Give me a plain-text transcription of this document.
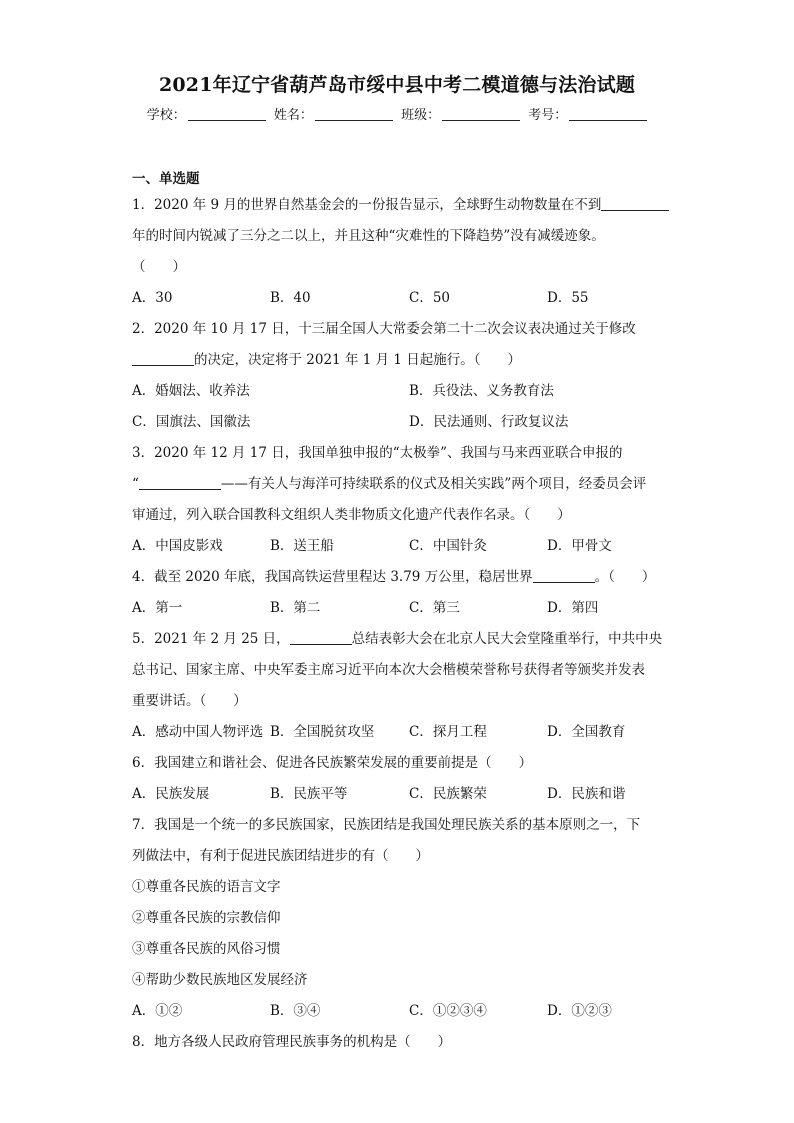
2021年辽宁省葫芦岛市绥中县中考二模道德与法治试题
学校：	姓名：	班级：	考号：
一、单选题
1．2020 年 9 月的世界自然基金会的一份报告显示，全球野生动物数量在不到
年的时间内锐减了三分之二以上，并且这种“灾难性的下降趋势”没有减缓迹象。
（　　）
A．30	B．40	C．50	D．55
2．2020 年 10 月 17 日，十三届全国人大常委会第二十二次会议表决通过关于修改
的决定，决定将于 2021 年 1 月 1 日起施行。（　　）
A．婚姻法、收养法	B．兵役法、义务教育法
C．国旗法、国徽法	D．民法通则、行政复议法
3．2020 年 12 月 17 日，我国单独申报的“太极拳”、我国与马来西亚联合申报的
“	——有关人与海洋可持续联系的仪式及相关实践”两个项目，经委员会评
审通过，列入联合国教科文组织人类非物质文化遗产代表作名录。（　　）
A．中国皮影戏	B．送王船	C．中国针灸	D．甲骨文
4．截至 2020 年底，我国高铁运营里程达 3.79 万公里，稳居世界	。（　　）
A．第一	B．第二	C．第三	D．第四
5．2021 年 2 月 25 日，	总结表彰大会在北京人民大会堂隆重举行，中共中央
总书记、国家主席、中央军委主席习近平向本次大会楷模荣誉称号获得者等颁奖并发表
重要讲话。（　　）
A．感动中国人物评选 B．全国脱贫攻坚	C．探月工程	D．全国教育
6．我国建立和谐社会、促进各民族繁荣发展的重要前提是（　　）
A．民族发展	B．民族平等	C．民族繁荣	D．民族和谐
7．我国是一个统一的多民族国家，民族团结是我国处理民族关系的基本原则之一，下
列做法中，有利于促进民族团结进步的有（　　）
①尊重各民族的语言文字
②尊重各民族的宗教信仰
③尊重各民族的风俗习惯
④帮助少数民族地区发展经济
A．①②	B．③④	C．①②③④	D．①②③
8．地方各级人民政府管理民族事务的机构是（　　）
